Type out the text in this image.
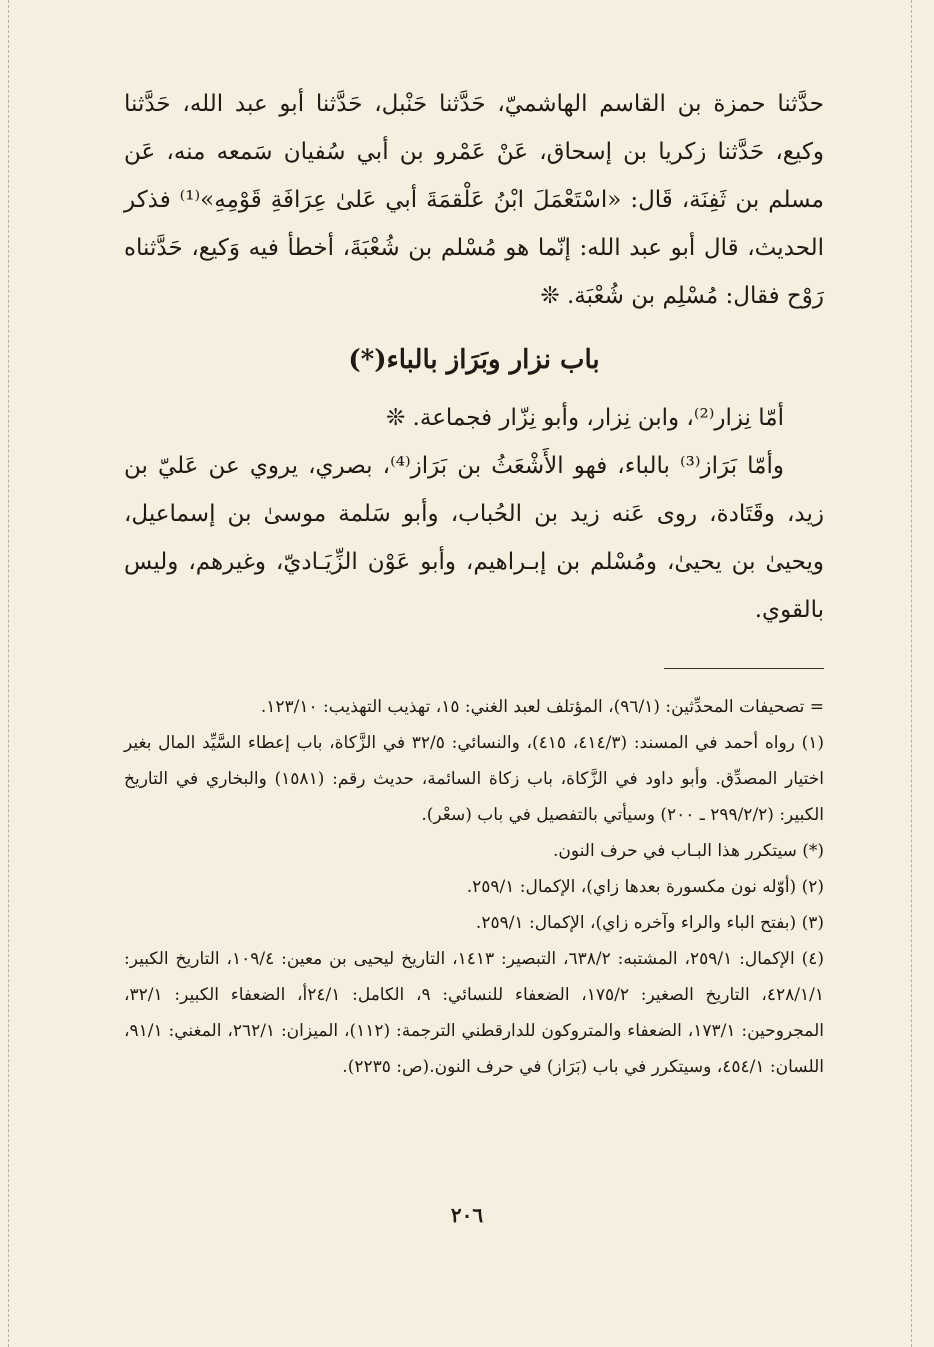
حدَّثنا حمزة بن القاسم الهاشميّ، حَدَّثنا حَنْبل، حَدَّثنا أبو عبد الله، حَدَّثنا وكيع، حَدَّثنا زكريا بن إسحاق، عَنْ عَمْرو بن أبي سُفيان سَمعه منه، عَن مسلم بن ثَفِنَة، قَال: «اسْتَعْمَلَ ابْنُ عَلْقمَةَ أبي عَلىٰ عِرَافَةِ قَوْمِهِ»⁽¹⁾ فذكر الحديث، قال أبو عبد الله: إنّما هو مُسْلم بن شُعْبَةَ، أخطأ فيه وَكيع، حَدَّثناه رَوْح فقال: مُسْلِم بن شُعْبَة. ❊

باب نزار وبَرَاز بالباء(*)

أمّا نِزار⁽²⁾، وابن نِزار، وأبو نِزّار فجماعة. ❊

وأمّا بَرَاز⁽³⁾ بالباء، فهو الأَشْعَثُ بن بَرَاز⁽⁴⁾، بصري، يروي عن عَليّ بن زيد، وقَتَادة، روى عَنه زيد بن الحُباب، وأبو سَلمة موسىٰ بن إسماعيل، ويحيىٰ بن يحيىٰ، ومُسْلم بن إبـراهيم، وأبو عَوْن الزِّيَـاديّ، وغيرهم، وليس بالقوي.

= تصحيفات المحدِّثين: (٩٦/١)، المؤتلف لعبد الغني: ١٥، تهذيب التهذيب: ١٢٣/١٠.

(١) رواه أحمد في المسند: (٤١٤/٣، ٤١٥)، والنسائي: ٣٢/٥ في الزَّكاة، باب إعطاء السَّيِّد المال بغير اختيار المصدِّق. وأبو داود في الزَّكاة، باب زكاة السائمة، حديث رقم: (١٥٨١) والبخاري في التاريخ الكبير: (٢٩٩/٢/٢ ـ ٢٠٠) وسيأتي بالتفصيل في باب (سعْر).

(*) سيتكرر هذا البـاب في حرف النون.

(٢) (أوّله نون مكسورة بعدها زاي)، الإكمال: ٢٥٩/١.

(٣) (بفتح الباء والراء وآخره زاي)، الإكمال: ٢٥٩/١.

(٤) الإكمال: ٢٥٩/١، المشتبه: ٦٣٨/٢، التبصير: ١٤١٣، التاريخ ليحيى بن معين: ١٠٩/٤، التاريخ الكبير: ٤٢٨/١/١، التاريخ الصغير: ١٧٥/٢، الضعفاء للنسائي: ٩، الكامل: ٢٤/١أ، الضعفاء الكبير: ٣٢/١، المجروحين: ١٧٣/١، الضعفاء والمتروكون للدارقطني الترجمة: (١١٢)، الميزان: ٢٦٢/١، المغني: ٩١/١، اللسان: ٤٥٤/١، وسيتكرر في باب (بَرَاز) في حرف النون.(ص: ٢٢٣٥).

٢٠٦
